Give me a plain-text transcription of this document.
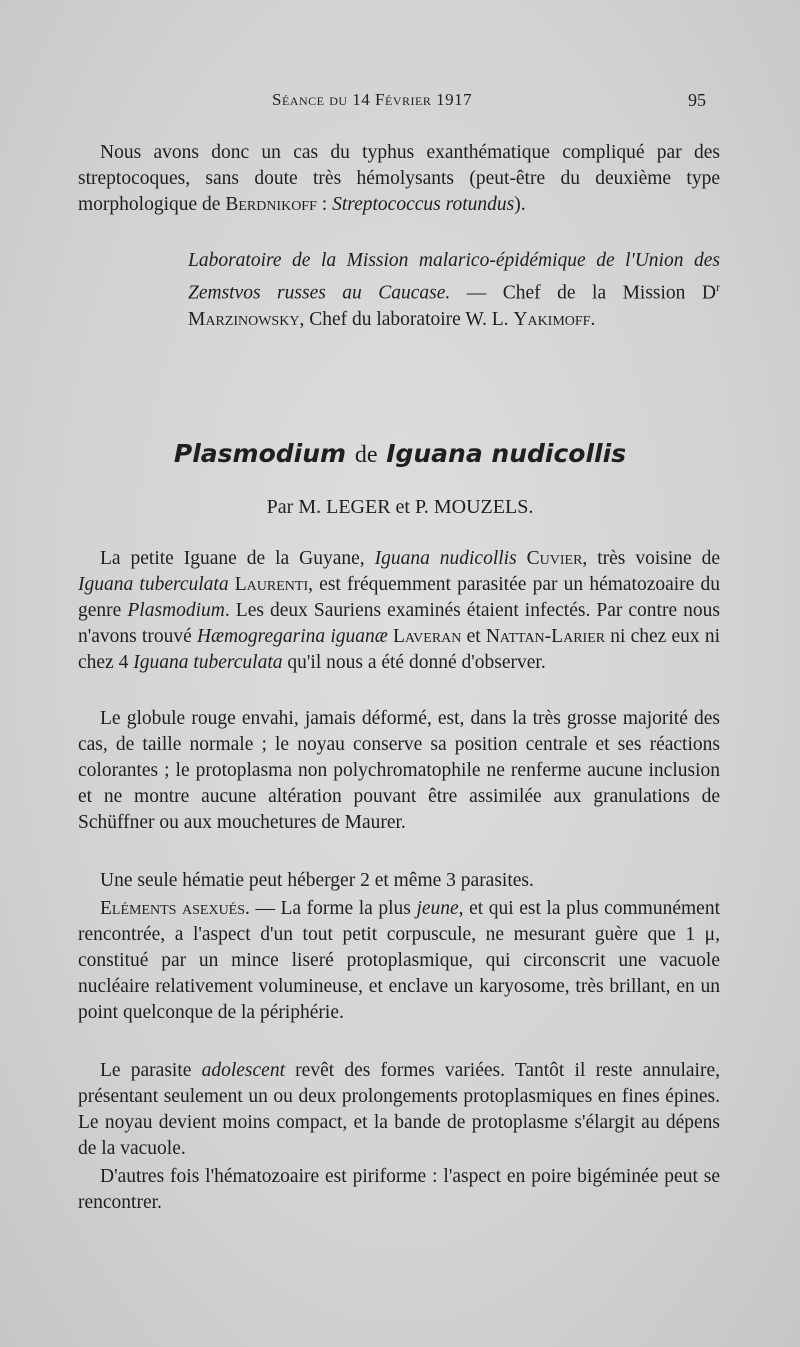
Séance du 14 Février 1917	95

Nous avons donc un cas du typhus exanthématique compliqué par des streptocoques, sans doute très hémolysants (peut-être du deuxième type morphologique de Berdnikoff : Streptococcus rotundus).

Laboratoire de la Mission malarico-épidémique de l'Union des Zemstvos russes au Caucase. — Chef de la Mission $D^r$ Marzinowsky, Chef du laboratoire W. L. Yakimoff.

Plasmodium de Iguana nudicollis
Par M. LEGER et P. MOUZELS.

La petite Iguane de la Guyane, Iguana nudicollis Cuvier, très voisine de Iguana tuberculata Laurenti, est fréquemment parasitée par un hématozoaire du genre Plasmodium. Les deux Sauriens examinés étaient infectés. Par contre nous n'avons trouvé Hæmogregarina iguanæ Laveran et Nattan-Larier ni chez eux ni chez 4 Iguana tuberculata qu'il nous a été donné d'observer.

Le globule rouge envahi, jamais déformé, est, dans la très grosse majorité des cas, de taille normale ; le noyau conserve sa position centrale et ses réactions colorantes ; le protoplasma non polychromatophile ne renferme aucune inclusion et ne montre aucune altération pouvant être assimilée aux granulations de Schüffner ou aux mouchetures de Maurer.

Une seule hématie peut héberger 2 et même 3 parasites.

Eléments asexués. — La forme la plus jeune, et qui est la plus communément rencontrée, a l'aspect d'un tout petit corpuscule, ne mesurant guère que 1 μ, constitué par un mince liseré protoplasmique, qui circonscrit une vacuole nucléaire relativement volumineuse, et enclave un karyosome, très brillant, en un point quelconque de la périphérie.

Le parasite adolescent revêt des formes variées. Tantôt il reste annulaire, présentant seulement un ou deux prolongements protoplasmiques en fines épines. Le noyau devient moins compact, et la bande de protoplasme s'élargit au dépens de la vacuole.

D'autres fois l'hématozoaire est piriforme : l'aspect en poire bigéminée peut se rencontrer.
